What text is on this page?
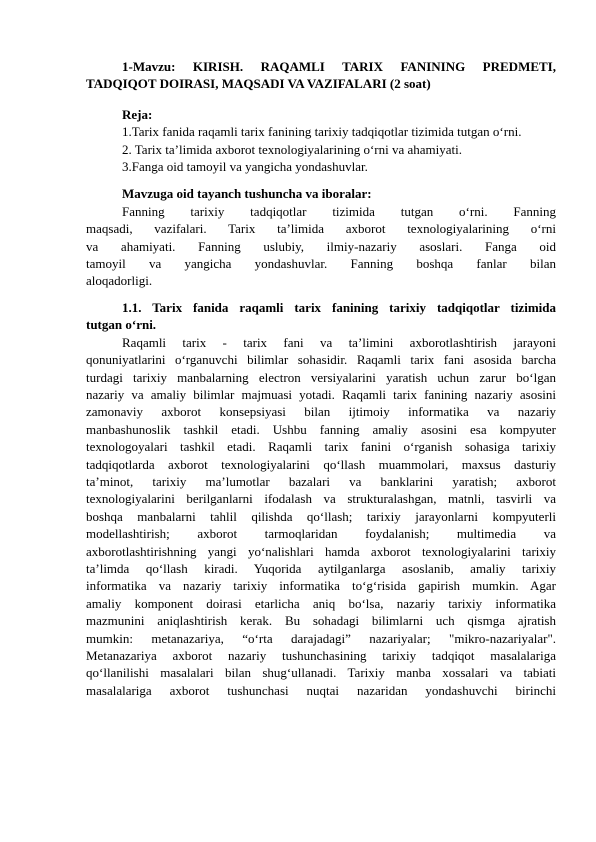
1-Mavzu: KIRISH. RAQAMLI TARIX FANINING PREDMETI,

TADQIQOT DOIRASI, MAQSADI VA VAZIFALARI (2 soat)

Reja:

1.Tarix fanida raqamli tarix fanining tarixiy tadqiqotlar tizimida tutgan o‘rni.

2. Tarix ta’limida axborot texnologiyalarining o‘rni va ahamiyati.

3.Fanga oid tamoyil va yangicha yondashuvlar.

Mavzuga oid tayanch tushuncha va iboralar:

Fanning tarixiy tadqiqotlar tizimida tutgan o‘rni. Fanning

maqsadi, vazifalari. Tarix ta’limida axborot texnologiyalarining o‘rni

va ahamiyati. Fanning uslubiy, ilmiy-nazariy asoslari. Fanga oid

tamoyil va yangicha yondashuvlar. Fanning boshqa fanlar bilan

aloqadorligi.

1.1. Tarix fanida raqamli tarix fanining tarixiy tadqiqotlar tizimida

tutgan o‘rni.

Raqamli tarix - tarix fani va ta’limini axborotlashtirish jarayoni

qonuniyatlarini o‘rganuvchi bilimlar sohasidir. Raqamli tarix fani asosida barcha

turdagi tarixiy manbalarning electron versiyalarini yaratish uchun zarur bo‘lgan

nazariy va amaliy bilimlar majmuasi yotadi. Raqamli tarix fanining nazariy asosini

zamonaviy axborot konsepsiyasi bilan ijtimoiy informatika va nazariy

manbashunoslik tashkil etadi. Ushbu fanning amaliy asosini esa kompyuter

texnologoyalari tashkil etadi. Raqamli tarix fanini o‘rganish sohasiga tarixiy

tadqiqotlarda axborot texnologiyalarini qo‘llash muammolari, maxsus dasturiy

ta’minot, tarixiy ma’lumotlar bazalari va banklarini yaratish; axborot

texnologiyalarini berilganlarni ifodalash va strukturalashgan, matnli, tasvirli va

boshqa manbalarni tahlil qilishda qo‘llash; tarixiy jarayonlarni kompyuterli

modellashtirish; axborot tarmoqlaridan foydalanish; multimedia va

axborotlashtirishning yangi yo‘nalishlari hamda axborot texnologiyalarini tarixiy

ta’limda qo‘llash kiradi. Yuqorida aytilganlarga asoslanib, amaliy tarixiy

informatika va nazariy tarixiy informatika to‘g‘risida gapirish mumkin. Agar

amaliy komponent doirasi etarlicha aniq bo‘lsa, nazariy tarixiy informatika

mazmunini aniqlashtirish kerak. Bu sohadagi bilimlarni uch qismga ajratish

mumkin: metanazariya, “o‘rta darajadagi” nazariyalar; "mikro-nazariyalar".

Metanazariya axborot nazariy tushunchasining tarixiy tadqiqot masalalariga

qo‘llanilishi masalalari bilan shug‘ullanadi. Tarixiy manba xossalari va tabiati

masalalariga axborot tushunchasi nuqtai nazaridan yondashuvchi birinchi
